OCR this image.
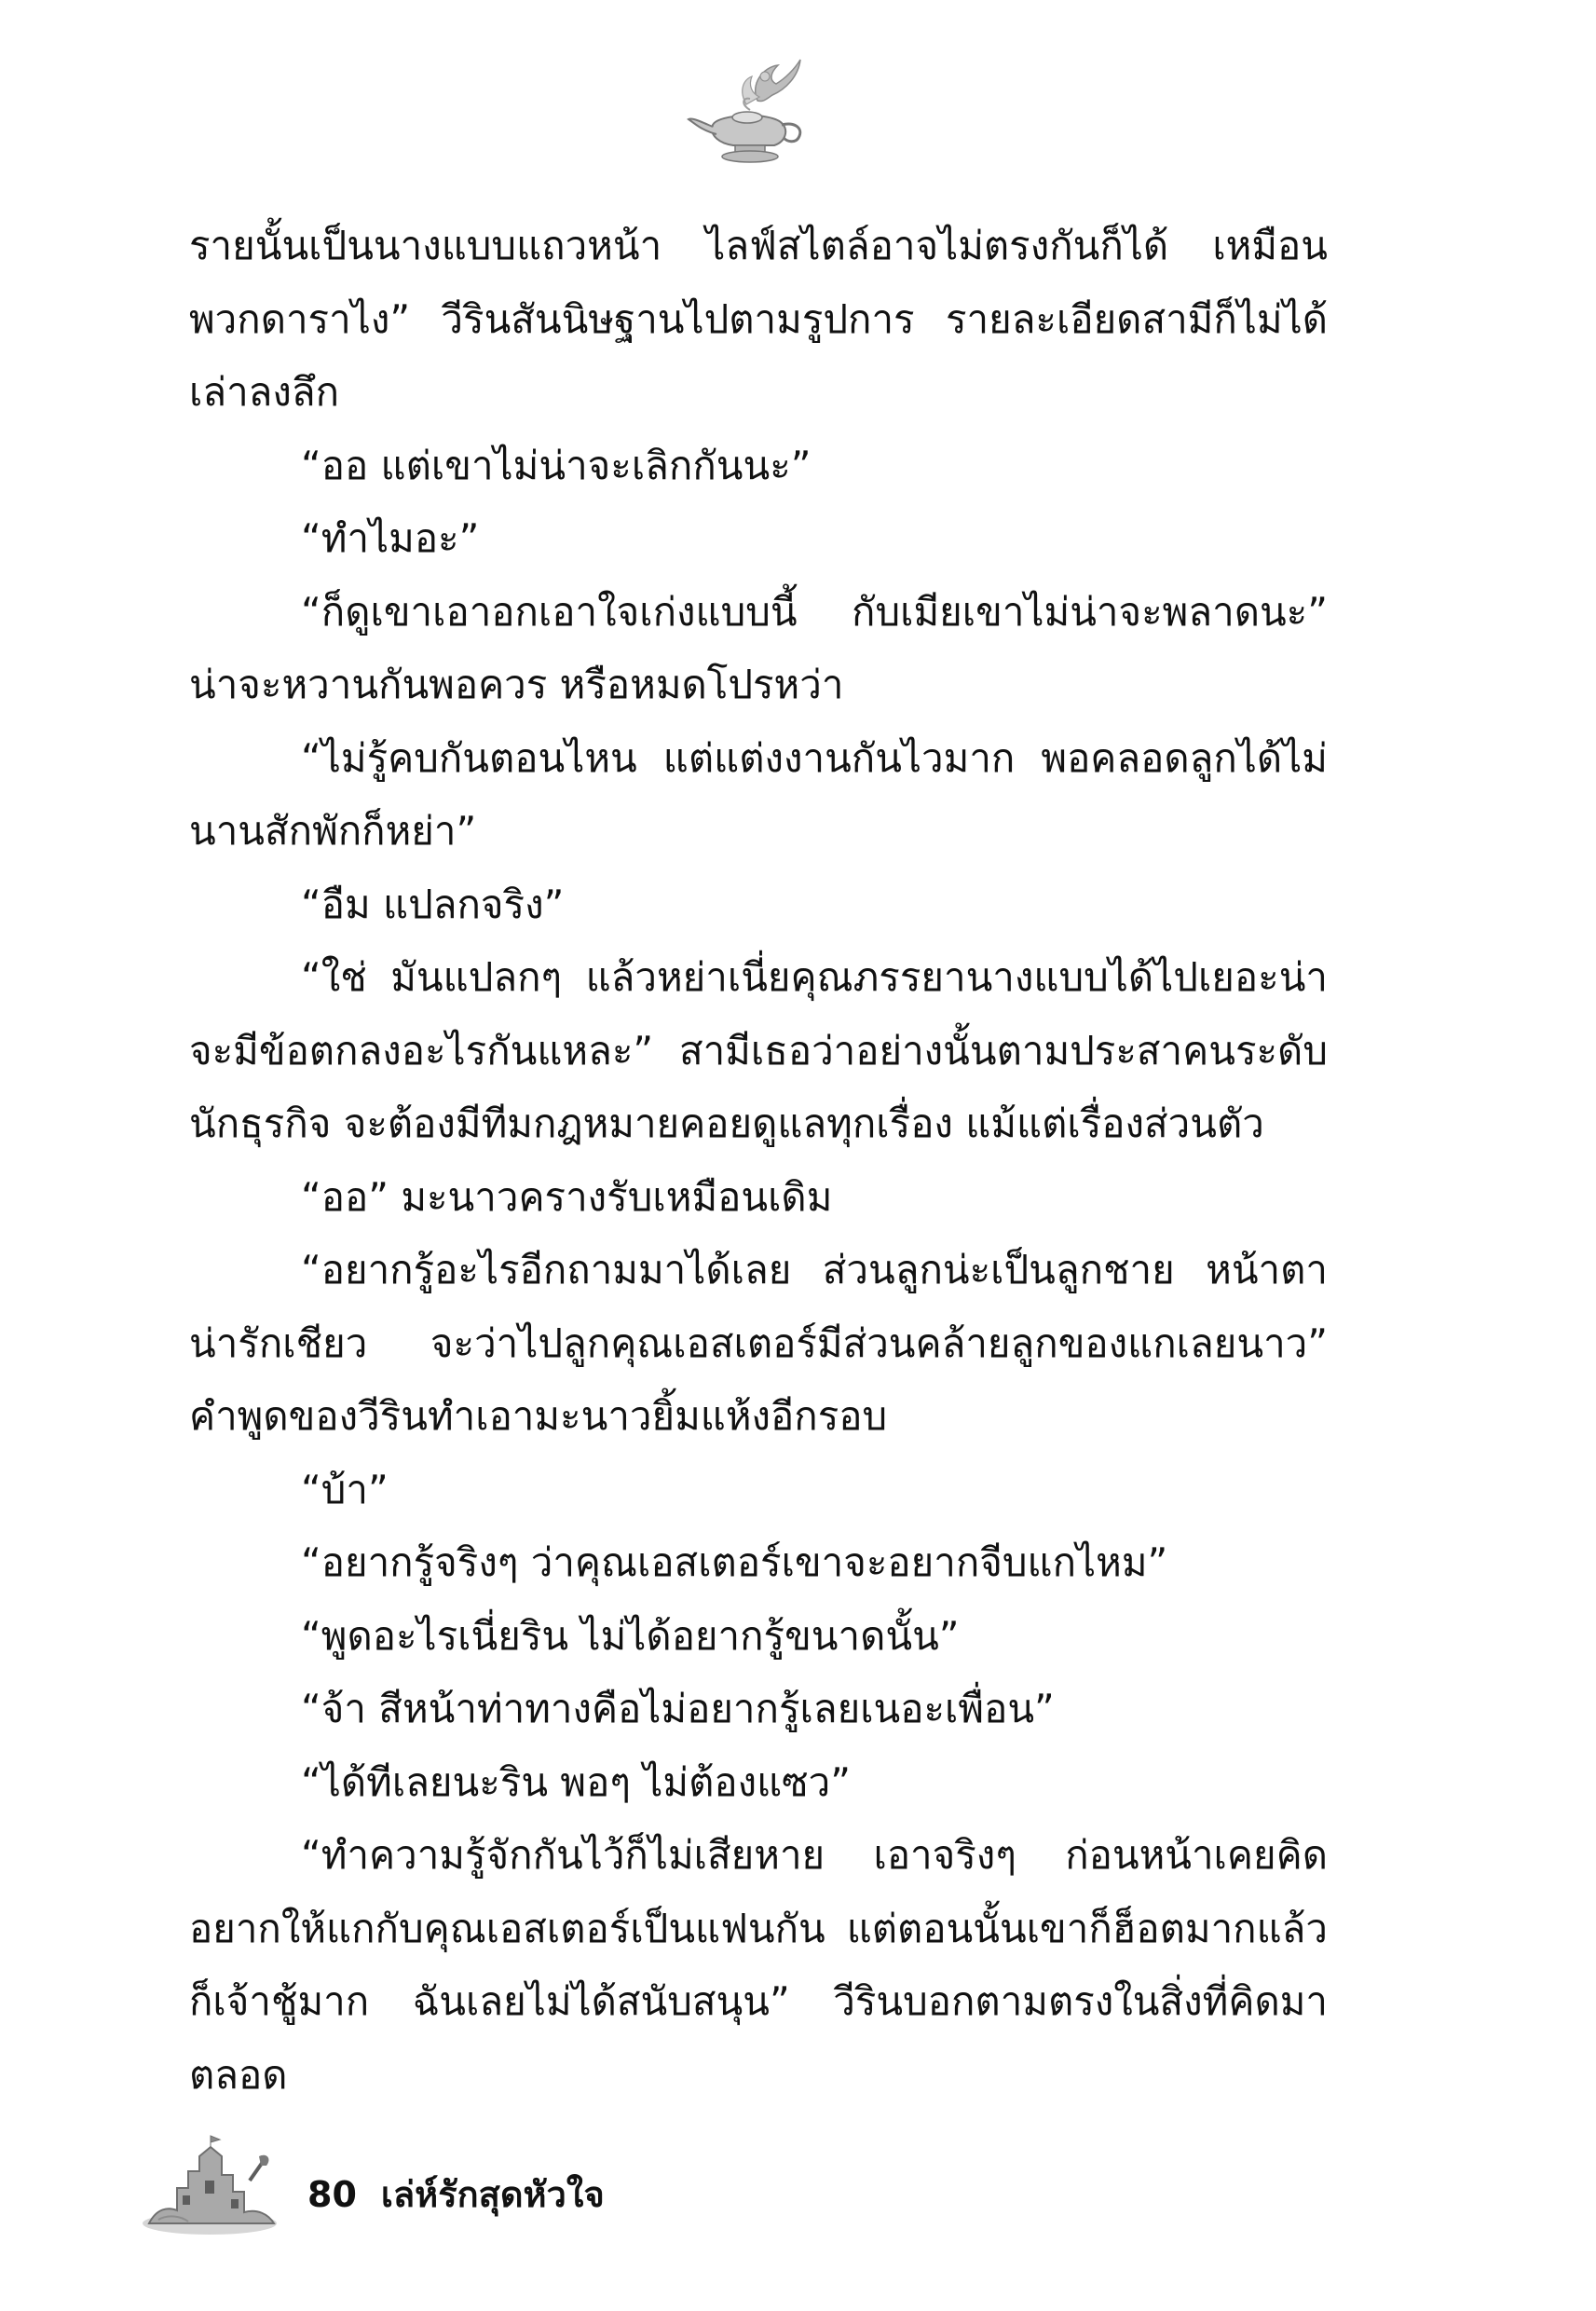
รายนั้นเป็นนางแบบแถวหน้า ไลฟ์สไตล์อาจไม่ตรงกันก็ได้ เหมือนพวกดาราไง” วีรินสันนิษฐานไปตามรูปการ รายละเอียดสามีก็ไม่ได้เล่าลงลึก
“ออ แต่เขาไม่น่าจะเลิกกันนะ”
“ทำไมอะ”
“ก็ดูเขาเอาอกเอาใจเก่งแบบนี้ กับเมียเขาไม่น่าจะพลาดนะ” น่าจะหวานกันพอควร หรือหมดโปรหว่า
“ไม่รู้คบกันตอนไหน แต่แต่งงานกันไวมาก พอคลอดลูกได้ไม่นานสักพักก็หย่า”
“อืม แปลกจริง”
“ใช่ มันแปลกๆ แล้วหย่าเนี่ยคุณภรรยานางแบบได้ไปเยอะน่าจะมีข้อตกลงอะไรกันแหละ” สามีเธอว่าอย่างนั้นตามประสาคนระดับนักธุรกิจ จะต้องมีทีมกฎหมายคอยดูแลทุกเรื่อง แม้แต่เรื่องส่วนตัว
“ออ” มะนาวครางรับเหมือนเดิม
“อยากรู้อะไรอีกถามมาได้เลย ส่วนลูกน่ะเป็นลูกชาย หน้าตาน่ารักเชียว จะว่าไปลูกคุณเอสเตอร์มีส่วนคล้ายลูกของแกเลยนาว” คำพูดของวีรินทำเอามะนาวยิ้มแห้งอีกรอบ
“บ้า”
“อยากรู้จริงๆ ว่าคุณเอสเตอร์เขาจะอยากจีบแกไหม”
“พูดอะไรเนี่ยริน ไม่ได้อยากรู้ขนาดนั้น”
“จ้า สีหน้าท่าทางคือไม่อยากรู้เลยเนอะเพื่อน”
“ได้ทีเลยนะริน พอๆ ไม่ต้องแซว”
“ทำความรู้จักกันไว้ก็ไม่เสียหาย เอาจริงๆ ก่อนหน้าเคยคิดอยากให้แกกับคุณเอสเตอร์เป็นแฟนกัน แต่ตอนนั้นเขาก็ฮ็อตมากแล้วก็เจ้าชู้มาก ฉันเลยไม่ได้สนับสนุน” วีรินบอกตามตรงในสิ่งที่คิดมาตลอด
80 เล่ห์รักสุดหัวใจ
